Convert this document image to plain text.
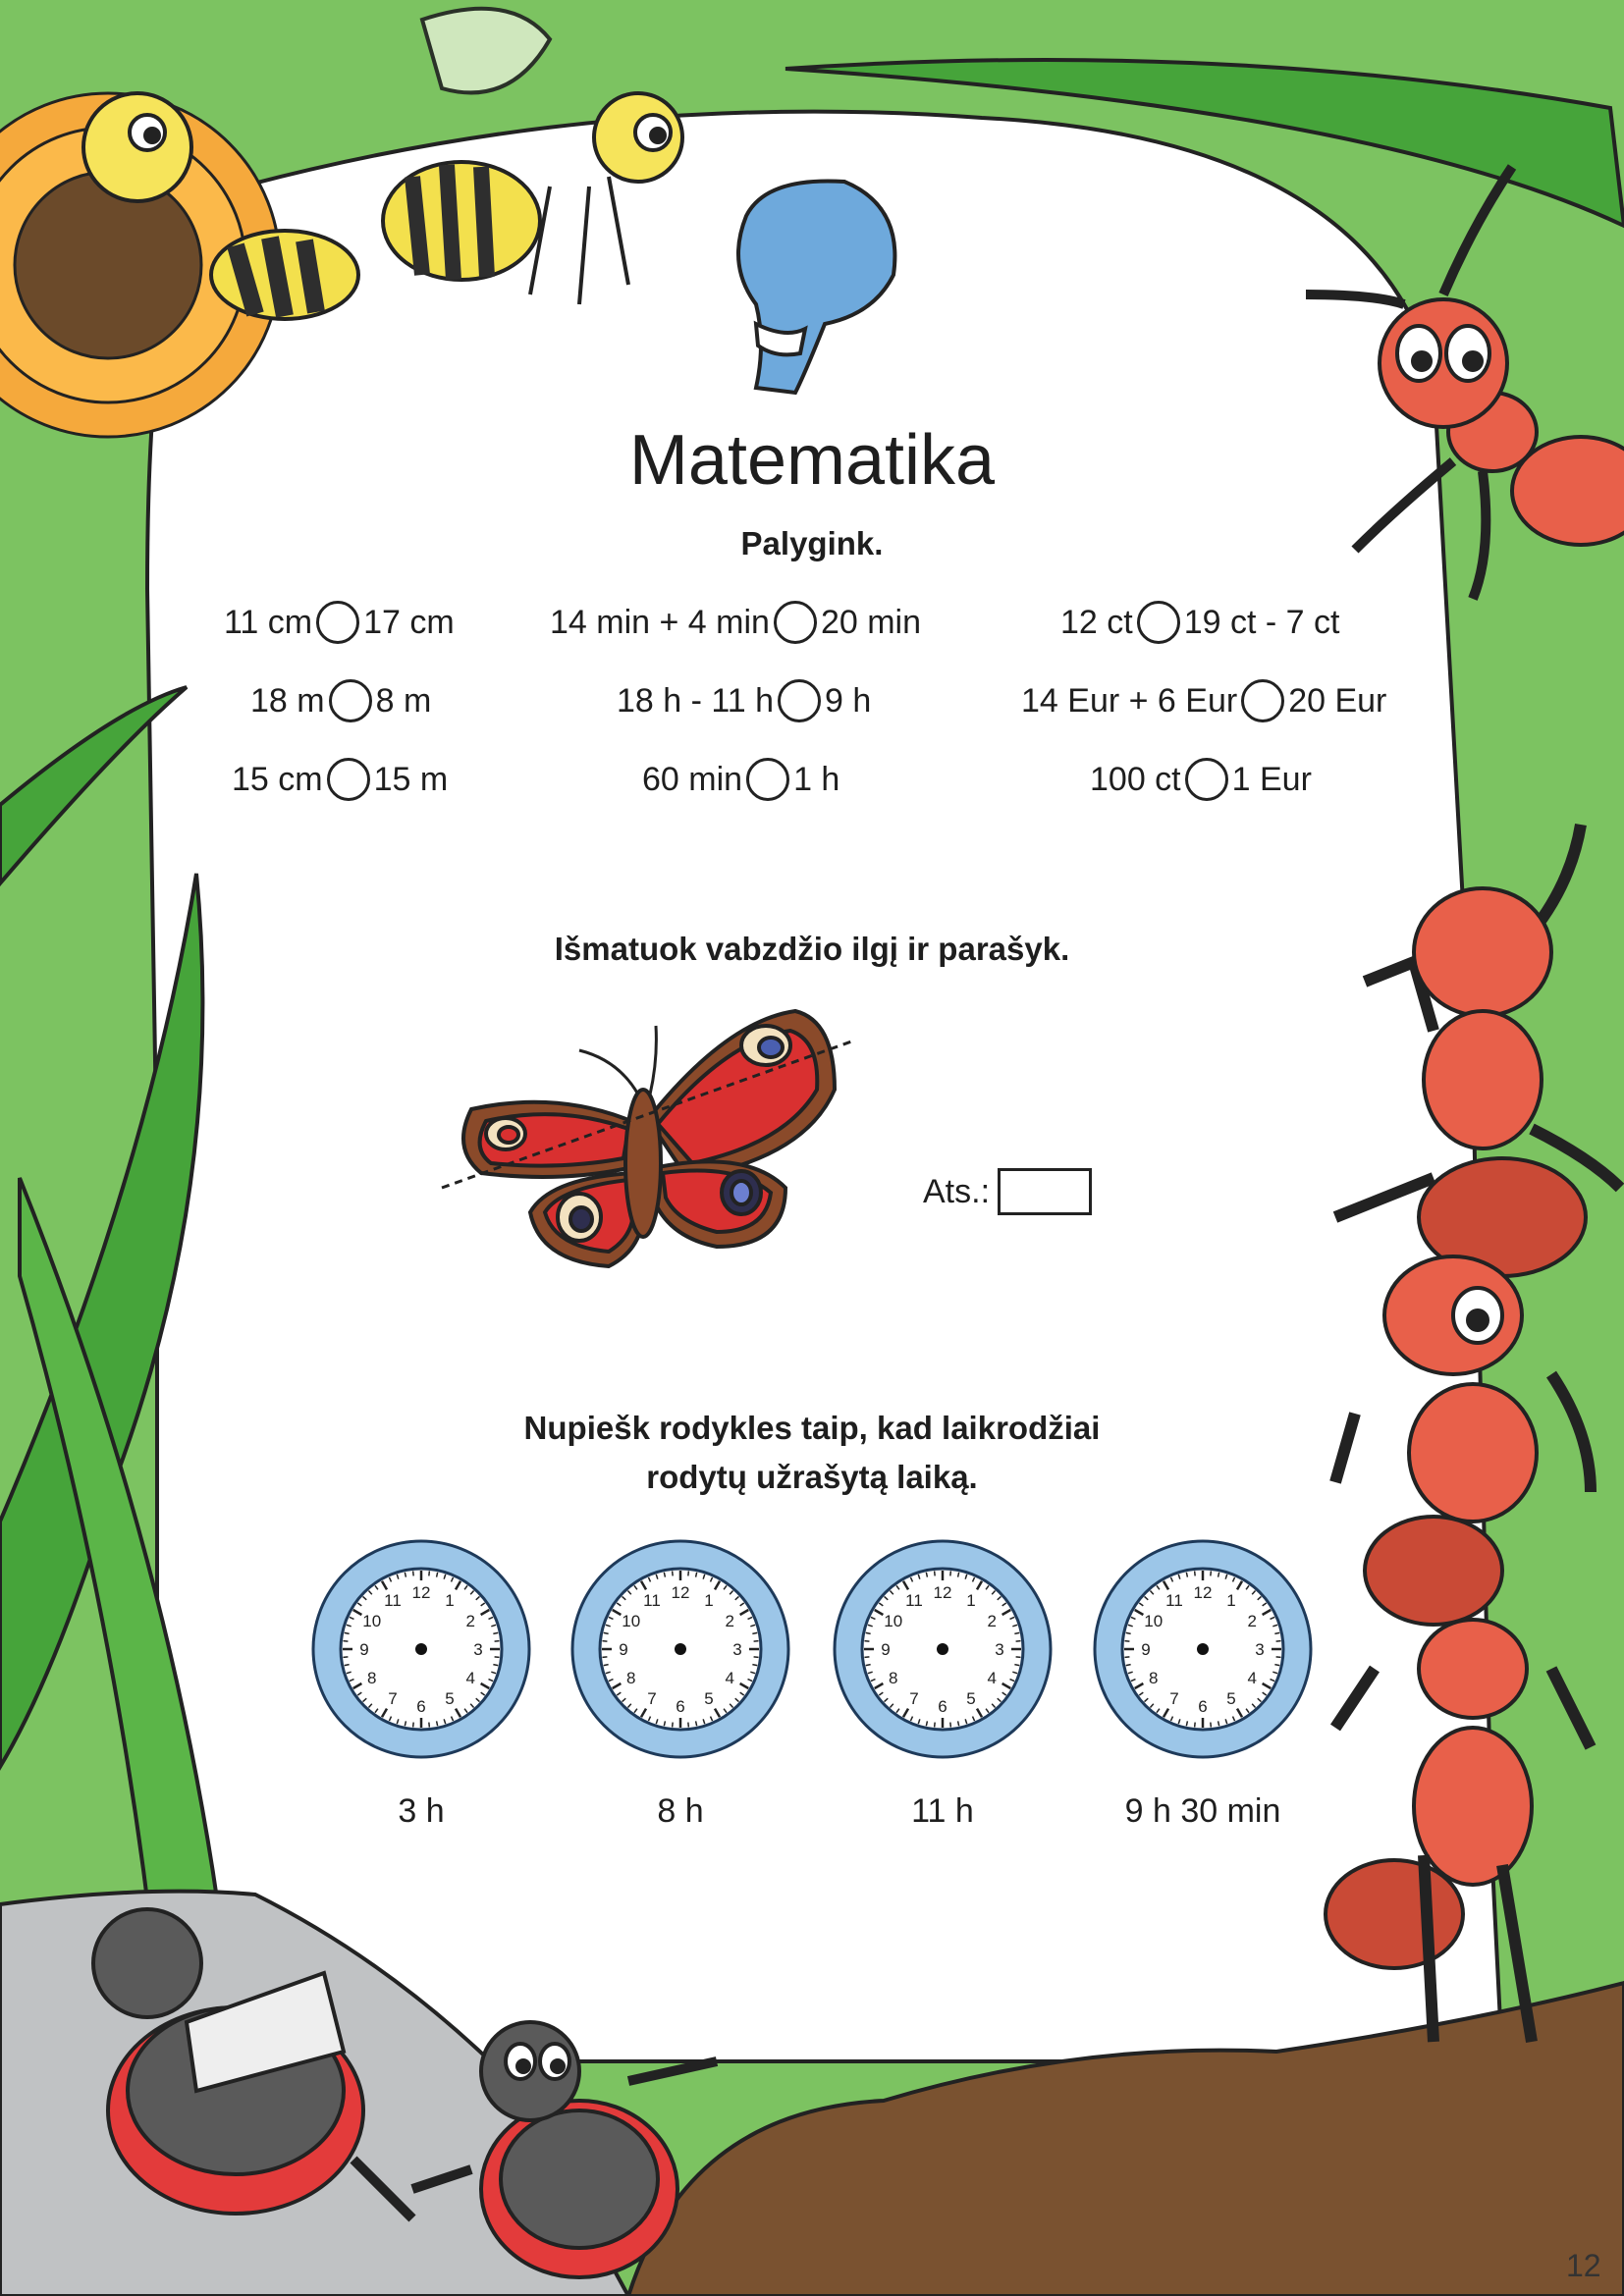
Matematika
Palygink.
11 cm 17 cm	14 min + 4 min 20 min	12 ct 19 ct - 7 ct
18 m 8 m	18 h - 11 h 9 h	14 Eur + 6 Eur 20 Eur
15 cm 15 m	60 min 1 h	100 ct 1 Eur
Išmatuok vabzdžio ilgį ir parašyk.
Ats.:
Nupiešk rodykles taip, kad laikrodžiai
rodytų užrašytą laiką.
12 1
2
3
4
5
6
7
8
9
10
11	12 1
2
3
4
5
6
7
8
9
10
11	12 1
2
3
4
5
6
7
8
9
10
11	12 1
2
3
4
5
6
7
8
9
10
11
3 h	8 h	11 h	9 h 30 min
12
